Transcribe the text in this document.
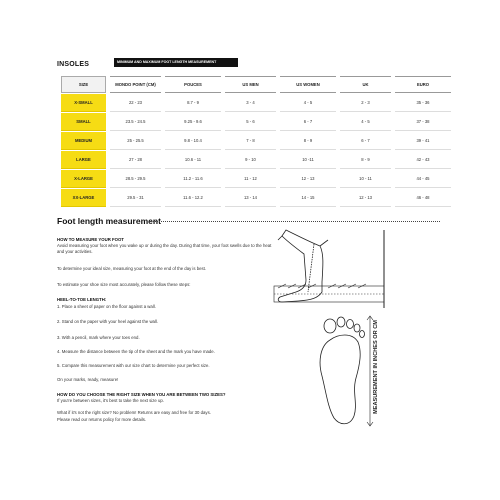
INSOLES	MINIMUM AND MAXIMUM FOOT LENGTH MEASUREMENT
SIZE	MONDO POINT (CM)	POUCES	US MEN	US WOMEN	UK	EURO
X-SMALL	22 - 23	8.7 - 9	3 - 4	4 - 5	2 - 3	35 - 36
SMALL	23.5 - 24.5	9.25 - 9.6	5 - 6	6 - 7	4 - 5	37 - 38
MEDIUM	25 - 25.5	9.8 - 10.4	7 - 8	8 - 9	6 - 7	39 - 41
LARGE	27 - 28	10.6 - 11	9 - 10	10 -11	8 - 9	42 - 43
X-LARGE	28.5 - 29.5	11.2 - 11.6	11 - 12	12 - 13	10 - 11	44 - 45
XX-LARGE	29.5 - 31	11.6 - 12.2	13 - 14	14 - 15	12 - 13	46 - 48
Foot length measurement
HOW TO MEASURE YOUR FOOT
Avoid measuring your foot when you wake up or during the day. During that time, your foot swells due to the heat and your activities.
To determine your ideal size, measuring your foot at the end of the day is best.
To estimate your shoe size most accurately, please follow these steps:
HEEL-TO-TOE LENGTH:
1. Place a sheet of paper on the floor against a wall.
2. Stand on the paper with your heel against the wall.
3. With a pencil, mark where your toes end.
4. Measure the distance between the tip of the sheet and the mark you have made.
5. Compare this measurement with our size chart to determine your perfect size.
On your marks, ready, measure!
HOW DO YOU CHOOSE THE RIGHT SIZE WHEN YOU ARE BETWEEN TWO SIZES?
If you're between sizes, it's best to take the next size up.
What if it's not the right size? No problem! Returns are easy and free for 30 days.
Please read our returns policy for more details.
MEASUREMENT IN INCHES OR CM
